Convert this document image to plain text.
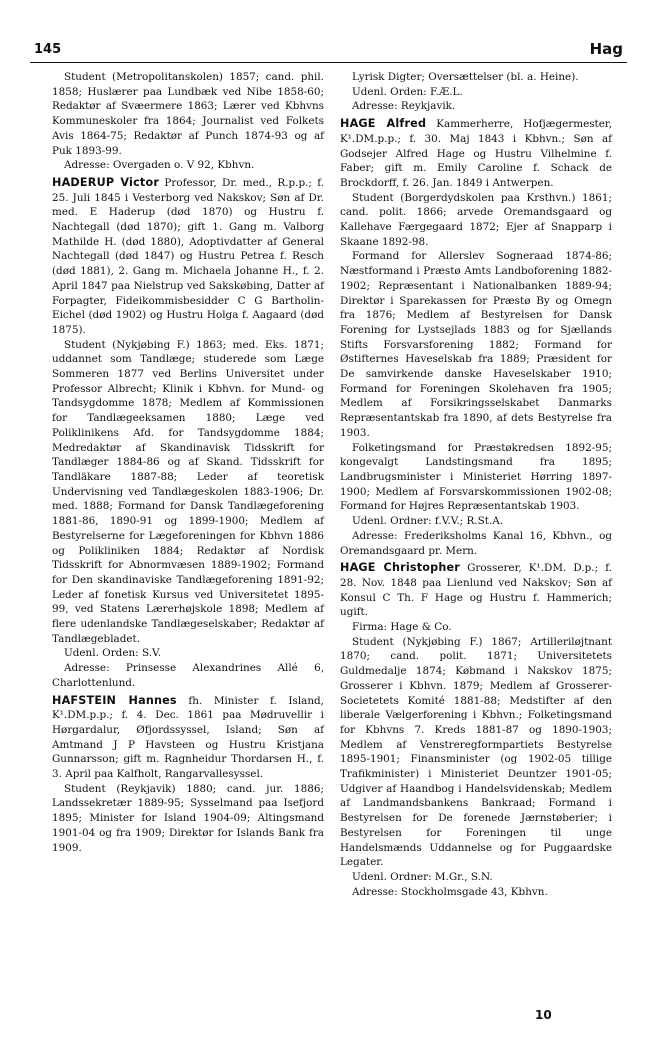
145	Hag

Student (Metropolitanskolen) 1857; cand. phil. 1858; Huslærer paa Lundbæk ved Nibe 1858-60; Redaktør af Svæermere 1863; Lærer ved Kbhvns Kommuneskoler fra 1864; Journalist ved Folkets Avis 1864-75; Redaktør af Punch 1874-93 og af Puk 1893-99.

Adresse: Overgaden o. V 92, Kbhvn.

HADERUP Victor Professor, Dr. med., R.p.p.; f. 25. Juli 1845 i Vesterborg ved Nakskov; Søn af Dr. med. E Haderup (død 1870) og Hustru f. Nachtegall (død 1870); gift 1. Gang m. Valborg Mathilde H. (død 1880), Adoptivdatter af General Nachtegall (død 1847) og Hustru Petrea f. Resch (død 1881), 2. Gang m. Michaela Johanne H., f. 2. April 1847 paa Nielstrup ved Sakskøbing, Datter af Forpagter, Fideikommisbesidder C G Bartholin-Eichel (død 1902) og Hustru Holga f. Aagaard (død 1875).

Student (Nykjøbing F.) 1863; med. Eks. 1871; uddannet som Tandlæge; studerede som Læge Sommeren 1877 ved Berlins Universitet under Professor Albrecht; Klinik i Kbhvn. for Mund- og Tandsygdomme 1878; Medlem af Kommissionen for Tandlægeeksamen 1880; Læge ved Poliklinikens Afd. for Tandsygdomme 1884; Medredaktør af Skandinavisk Tidsskrift for Tandlæger 1884-86 og af Skand. Tidsskrift for Tandläkare 1887-88; Leder af teoretisk Undervisning ved Tandlægeskolen 1883-1906; Dr. med. 1888; Formand for Dansk Tandlægeforening 1881-86, 1890-91 og 1899-1900; Medlem af Bestyrelserne for Lægeforeningen for Kbhvn 1886 og Polikliniken 1884; Redaktør af Nordisk Tidsskrift for Abnormvæsen 1889-1902; Formand for Den skandinaviske Tandlægeforening 1891-92; Leder af fonetisk Kursus ved Universitetet 1895-99, ved Statens Lærerhøjskole 1898; Medlem af flere udenlandske Tandlægeselskaber; Redaktør af Tandlægebladet.

Udenl. Orden: S.V.

Adresse: Prinsesse Alexandrines Allé 6, Charlottenlund.

HAFSTEIN Hannes fh. Minister f. Island, K¹.DM.p.p.; f. 4. Dec. 1861 paa Mødruvellir i Hørgardalur, Øfjordssyssel, Island; Søn af Amtmand J P Havsteen og Hustru Kristjana Gunnarsson; gift m. Ragnheidur Thordarsen H., f. 3. April paa Kalfholt, Rangarvallesyssel.

Student (Reykjavik) 1880; cand. jur. 1886; Landssekretær 1889-95; Sysselmand paa Isefjord 1895; Minister for Island 1904-09; Altingsmand 1901-04 og fra 1909; Direktør for Islands Bank fra 1909.

Lyrisk Digter; Oversættelser (bl. a. Heine).

Udenl. Orden: F.Æ.L.

Adresse: Reykjavik.

HAGE Alfred Kammerherre, Hofjægermester, K¹.DM.p.p.; f. 30. Maj 1843 i Kbhvn.; Søn af Godsejer Alfred Hage og Hustru Vilhelmine f. Faber; gift m. Emily Caroline f. Schack de Brockdorff, f. 26. Jan. 1849 i Antwerpen.

Student (Borgerdydskolen paa Krsthvn.) 1861; cand. polit. 1866; arvede Oremandsgaard og Kallehave Færgegaard 1872; Ejer af Snapparp i Skaane 1892-98.

Formand for Allerslev Sogneraad 1874-86; Næstformand i Præstø Amts Landboforening 1882-1902; Repræsentant i Nationalbanken 1889-94; Direktør i Sparekassen for Præstø By og Omegn fra 1876; Medlem af Bestyrelsen for Dansk Forening for Lystsejlads 1883 og for Sjællands Stifts Forsvarsforening 1882; Formand for Østifternes Haveselskab fra 1889; Præsident for De samvirkende danske Haveselskaber 1910; Formand for Foreningen Skolehaven fra 1905; Medlem af Forsikringsselskabet Danmarks Repræsentantskab fra 1890, af dets Bestyrelse fra 1903.

Folketingsmand for Præstøkredsen 1892-95; kongevalgt Landstingsmand fra 1895; Landbrugsminister i Ministeriet Hørring 1897-1900; Medlem af Forsvarskommissionen 1902-08; Formand for Højres Repræsentantskab 1903.

Udenl. Ordner: f.V.V.; R.St.A.

Adresse: Frederiksholms Kanal 16, Kbhvn., og Oremandsgaard pr. Mern.

HAGE Christopher Grosserer, K¹.DM. D.p.; f. 28. Nov. 1848 paa Lienlund ved Nakskov; Søn af Konsul C Th. F Hage og Hustru f. Hammerich; ugift.

Firma: Hage & Co.

Student (Nykjøbing F.) 1867; Artilleriløjtnant 1870; cand. polit. 1871; Universitetets Guldmedalje 1874; Købmand i Nakskov 1875; Grosserer i Kbhvn. 1879; Medlem af Grosserer-Societetets Komité 1881-88; Medstifter af den liberale Vælgerforening i Kbhvn.; Folketingsmand for Kbhvns 7. Kreds 1881-87 og 1890-1903; Medlem af Venstreregformpartiets Bestyrelse 1895-1901; Finansminister (og 1902-05 tillige Trafikminister) i Ministeriet Deuntzer 1901-05; Udgiver af Haandbog i Handelsvidenskab; Medlem af Landmandsbankens Bankraad; Formand i Bestyrelsen for De forenede Jærnstøberier; i Bestyrelsen for Foreningen til unge Handelsmænds Uddannelse og for Puggaardske Legater.

Udenl. Ordner: M.Gr., S.N.

Adresse: Stockholmsgade 43, Kbhvn.

10
